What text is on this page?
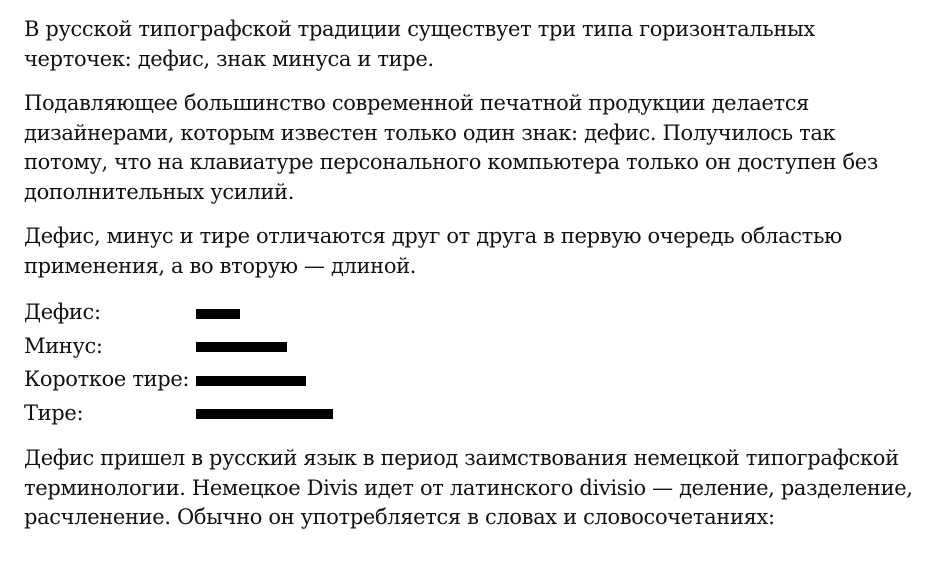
В русской типографской традиции существует три типа горизонтальных черточек: дефис, знак минуса и тире.

Подавляющее большинство современной печатной продукции делается дизайнерами, которым известен только один знак: дефис. Получилось так потому, что на клавиатуре персонального компьютера только он доступен без дополнительных усилий.

Дефис, минус и тире отличаются друг от друга в первую очередь областью применения, а во вторую — длиной.

Дефис:
Минус:
Короткое тире:
Тире:

Дефис пришел в русский язык в период заимствования немецкой типографской терминологии. Немецкое Divis идет от латинского divisio — деление, разделение, расчленение. Обычно он употребляется в словах и словосочетаниях:
